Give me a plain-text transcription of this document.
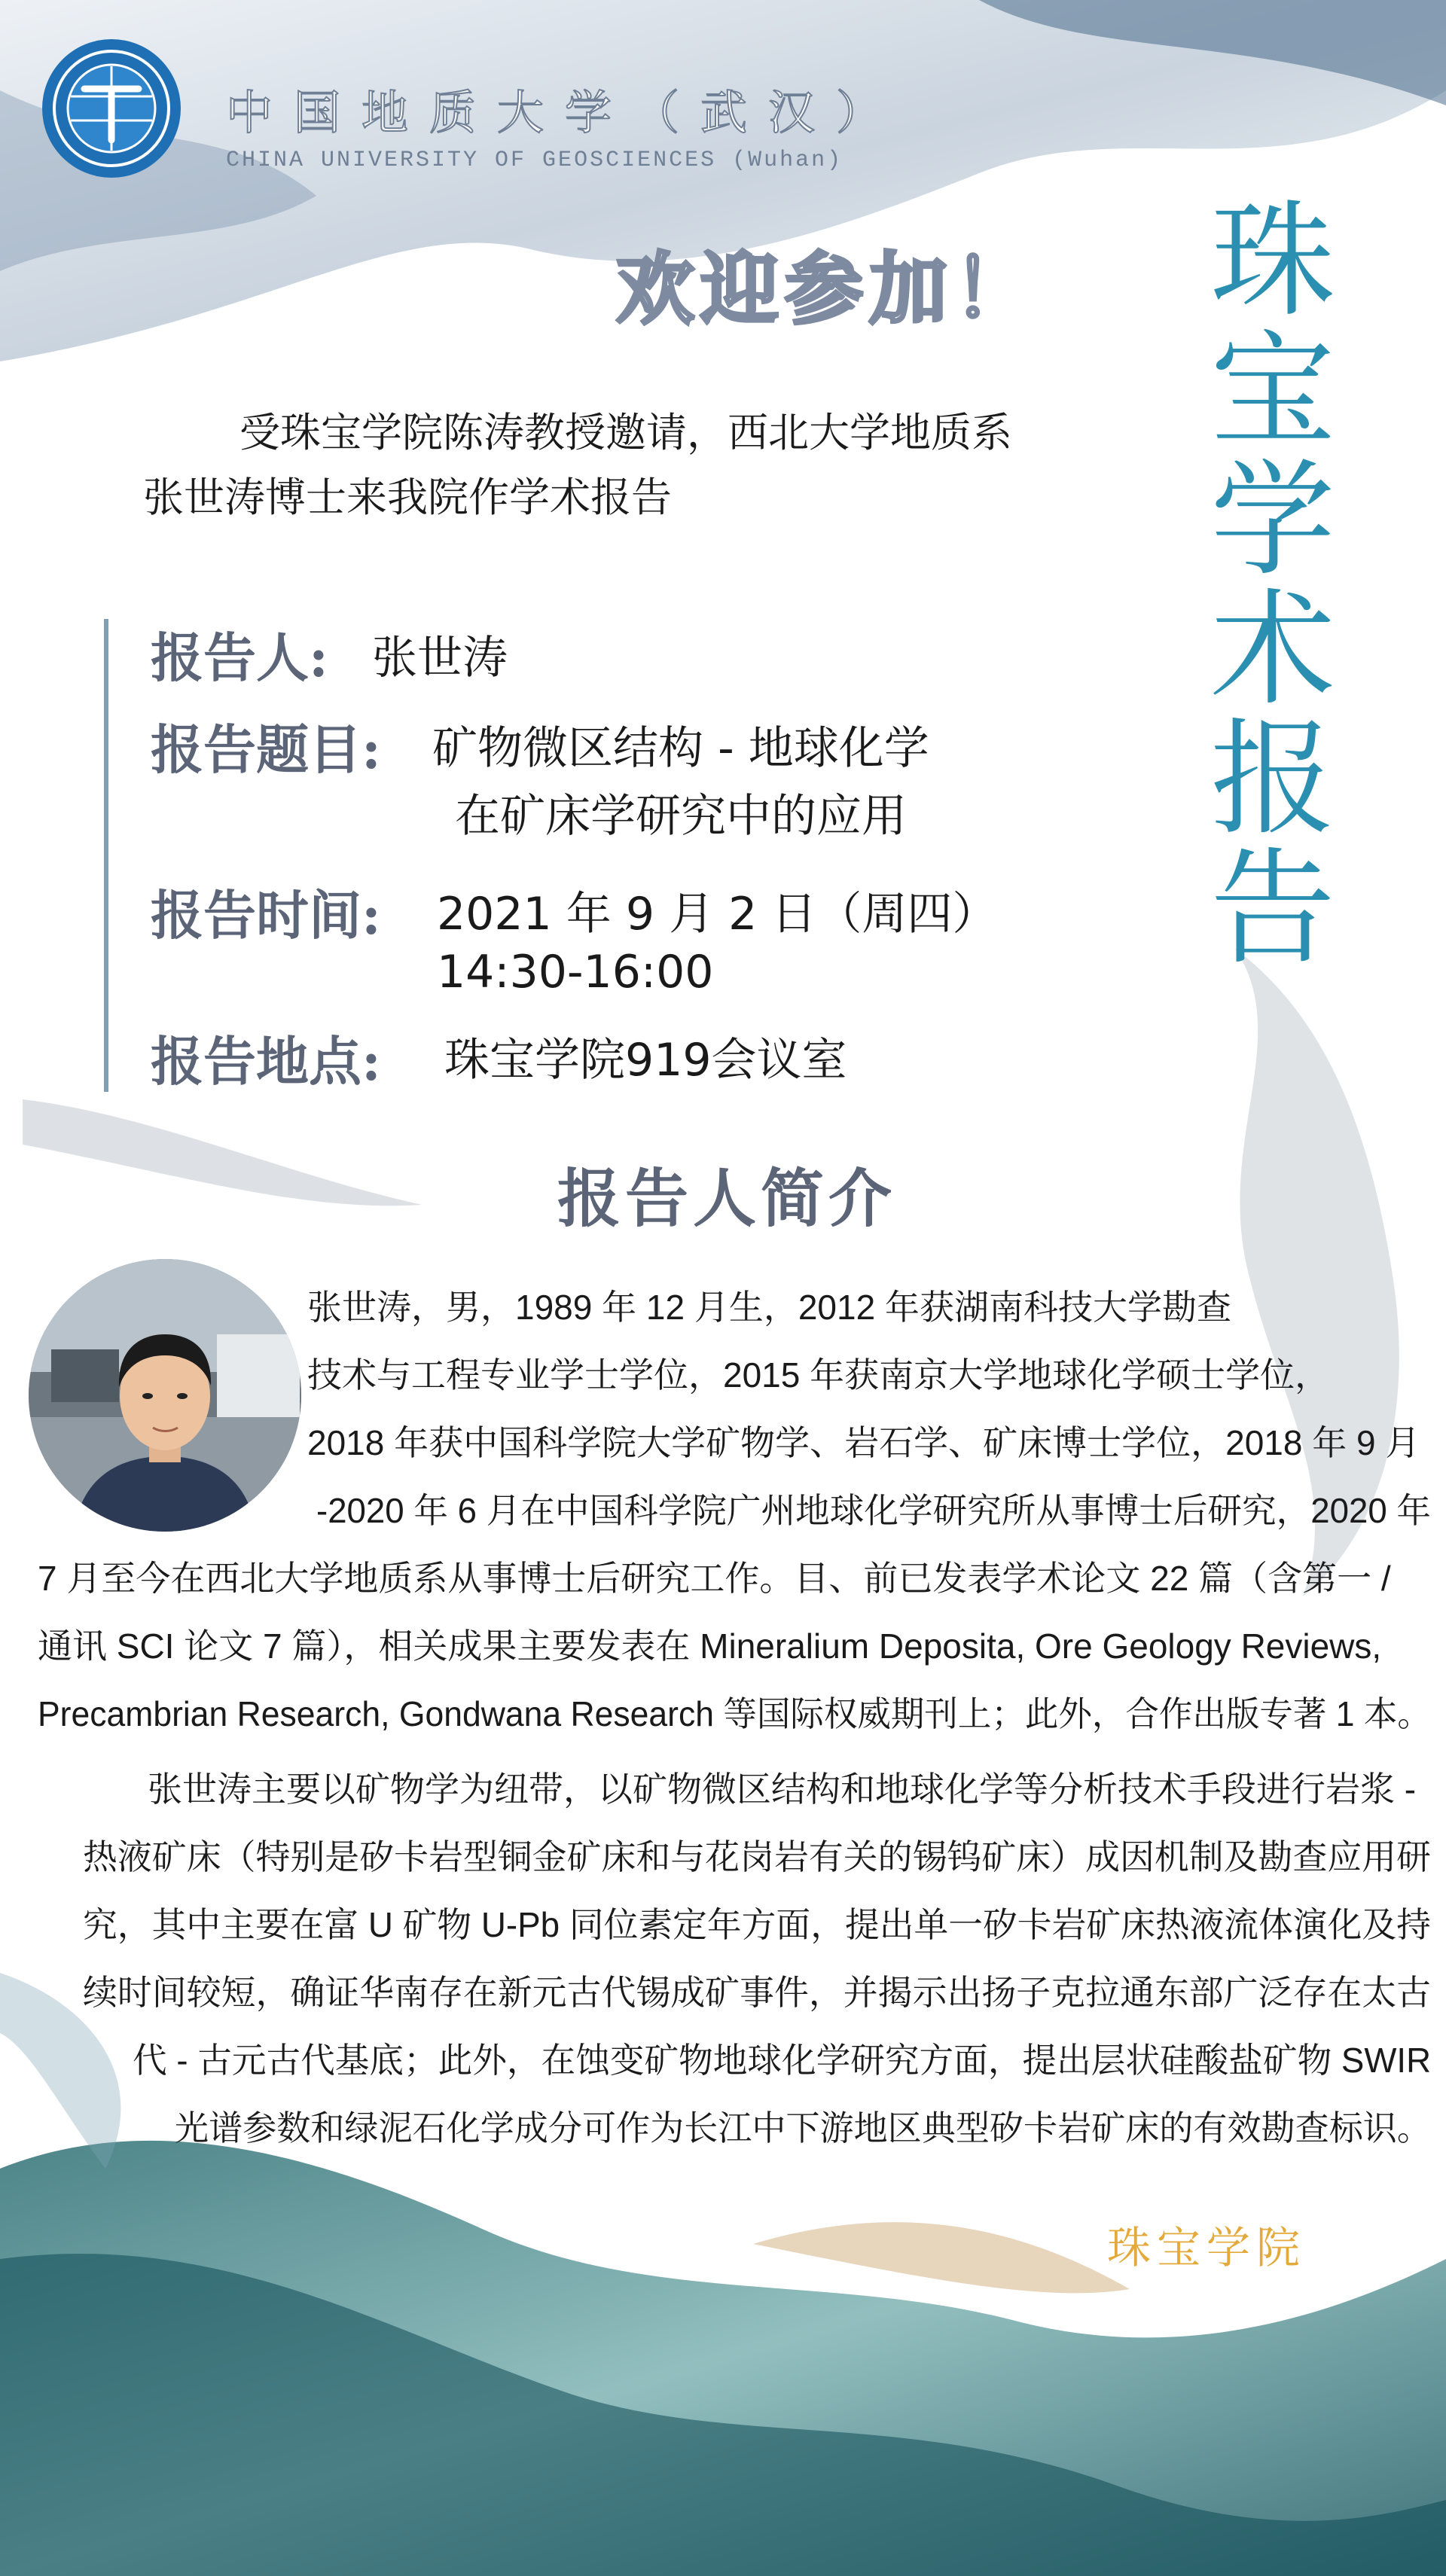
中国地质大学（武汉）
CHINA UNIVERSITY OF GEOSCIENCES (Wuhan)
欢迎参加！ 珠
宝
学
术
报
告

受珠宝学院陈涛教授邀请，西北大学地质系

张世涛博士来我院作学术报告

报告人: 张世涛
报告题目: 矿物微区结构 - 地球化学
在矿床学研究中的应用
报告时间: 2021 年 9 月 2 日（周四）
14:30-16:00
报告地点: 珠宝学院919会议室
报告人简介
张世涛，男，1989 年 12 月生，2012 年获湖南科技大学勘查
技术与工程专业学士学位，2015 年获南京大学地球化学硕士学位，
2018 年获中国科学院大学矿物学、岩石学、矿床博士学位，2018 年 9 月
-2020 年 6 月在中国科学院广州地球化学研究所从事博士后研究，2020 年
7 月至今在西北大学地质系从事博士后研究工作。目、前已发表学术论文 22 篇（含第一 /
通讯 SCI 论文 7 篇），相关成果主要发表在 Mineralium Deposita, Ore Geology Reviews,
Precambrian Research, Gondwana Research 等国际权威期刊上；此外，合作出版专著 1 本。
张世涛主要以矿物学为纽带，以矿物微区结构和地球化学等分析技术手段进行岩浆 -
热液矿床（特别是矽卡岩型铜金矿床和与花岗岩有关的锡钨矿床）成因机制及勘查应用研
究，其中主要在富 U 矿物 U-Pb 同位素定年方面，提出单一矽卡岩矿床热液流体演化及持
续时间较短，确证华南存在新元古代锡成矿事件，并揭示出扬子克拉通东部广泛存在太古
代 - 古元古代基底；此外，在蚀变矿物地球化学研究方面，提出层状硅酸盐矿物 SWIR
光谱参数和绿泥石化学成分可作为长江中下游地区典型矽卡岩矿床的有效勘查标识。
珠宝学院
